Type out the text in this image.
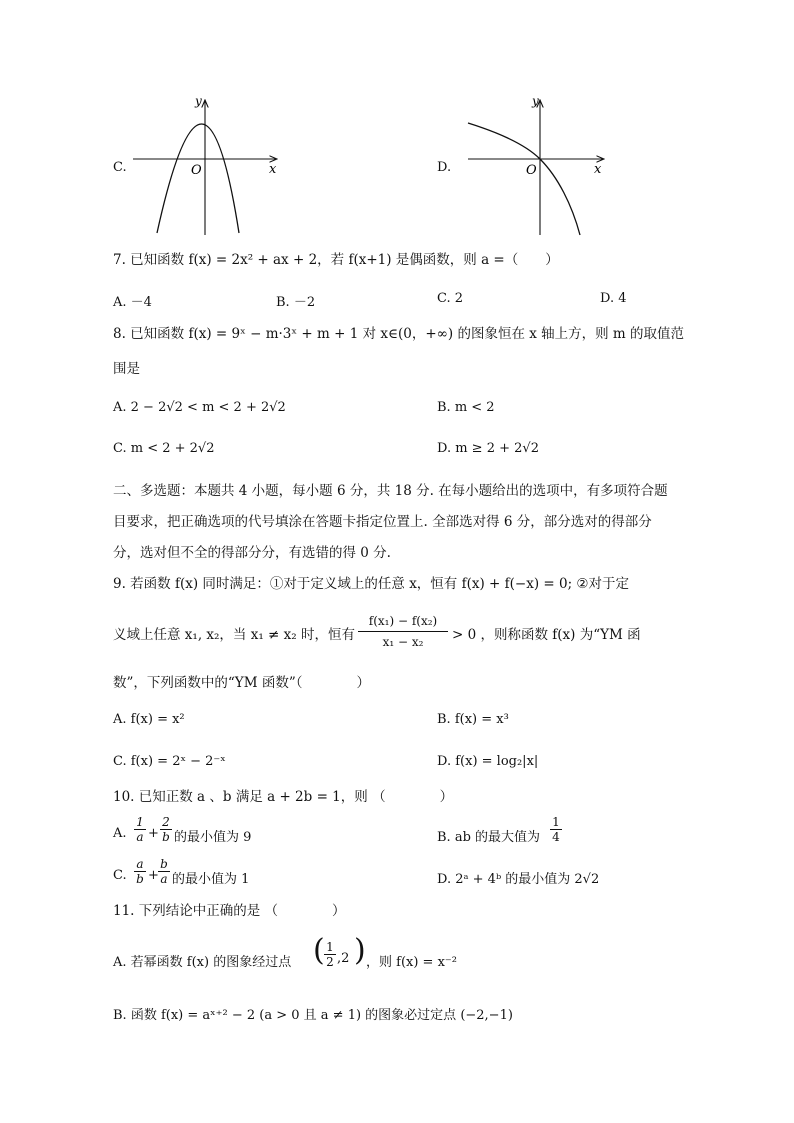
C.
y
x
O	D.
y
x
O
7. 已知函数 f(x) = 2x² + ax + 2，若 f(x+1) 是偶函数，则 a =（　　）
A. －4	B. －2	C. 2	D. 4
8. 已知函数 f(x) = 9ˣ − m·3ˣ + m + 1 对 x∈(0，+∞) 的图象恒在 x 轴上方，则 m 的取值范
围是
A. 2 − 2√2 < m < 2 + 2√2	B. m < 2
C. m < 2 + 2√2	D. m ≥ 2 + 2√2
二、多选题：本题共 4 小题，每小题 6 分，共 18 分. 在每小题给出的选项中，有多项符合题
目要求，把正确选项的代号填涂在答题卡指定位置上. 全部选对得 6 分，部分选对的得部分
分，选对但不全的得部分分，有选错的得 0 分.
9. 若函数 f(x) 同时满足：①对于定义域上的任意 x，恒有 f(x) + f(−x) = 0; ②对于定
义域上任意 x₁, x₂，当 x₁ ≠ x₂ 时，恒有 $\frac{\text{f(x₁) − f(x₂)}}{\text{x₁ − x₂}} > 0$ ，则称函数 f(x) 为“YM 函
数”，下列函数中的“YM 函数”（　　　　）
A. f(x) = x²	B. f(x) = x³
C. f(x) = 2ˣ − 2⁻ˣ	D. f(x) = log₂|x|
10. 已知正数 a 、b 满足 a + 2b = 1，则 （　　　　）
A. $\frac{1}{a} + \frac{2}{b}$ 的最小值为 9	B. ab 的最大值为 $\frac{1}{4}$
C. $\frac{a}{b} + \frac{b}{a}$ 的最小值为 1	D. 2ᵃ + 4ᵇ 的最小值为 2√2
11. 下列结论中正确的是 （　　　　）
A. 若幂函数 f(x) 的图象经过点 ( $\frac{1}{2} ,2$ ) ，则 f(x) = x⁻²
B. 函数 f(x) = aˣ⁺² − 2 (a > 0 且 a ≠ 1) 的图象必过定点 (−2,−1)
